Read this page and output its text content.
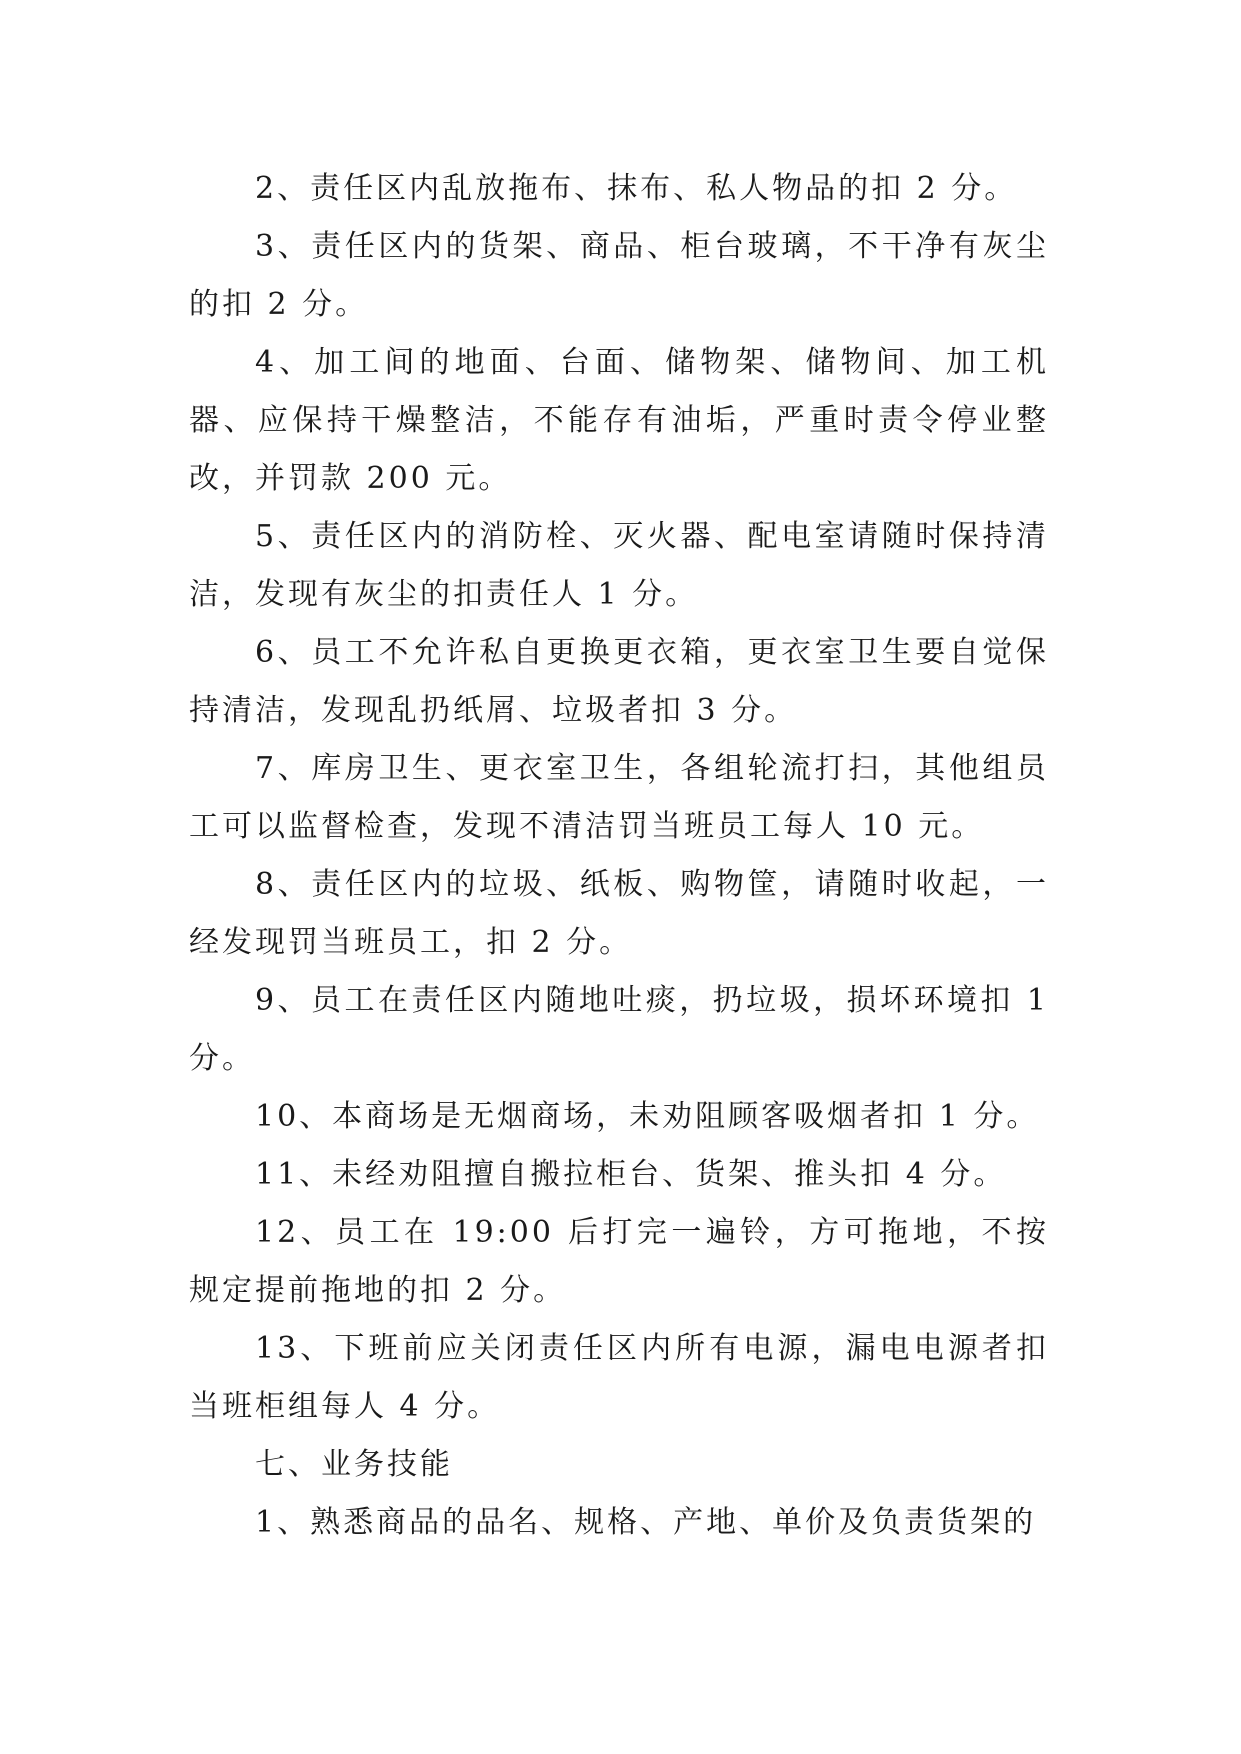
2、责任区内乱放拖布、抹布、私人物品的扣 2 分。

3、责任区内的货架、商品、柜台玻璃，不干净有灰尘的扣 2 分。

4、加工间的地面、台面、储物架、储物间、加工机器、应保持干燥整洁，不能存有油垢，严重时责令停业整改，并罚款 200 元。

5、责任区内的消防栓、灭火器、配电室请随时保持清洁，发现有灰尘的扣责任人 1 分。

6、员工不允许私自更换更衣箱，更衣室卫生要自觉保持清洁，发现乱扔纸屑、垃圾者扣 3 分。

7、库房卫生、更衣室卫生，各组轮流打扫，其他组员工可以监督检查，发现不清洁罚当班员工每人 10 元。

8、责任区内的垃圾、纸板、购物筐，请随时收起，一经发现罚当班员工，扣 2 分。

9、员工在责任区内随地吐痰，扔垃圾，损坏环境扣 1 分。

10、本商场是无烟商场，未劝阻顾客吸烟者扣 1 分。

11、未经劝阻擅自搬拉柜台、货架、推头扣 4 分。

12、员工在 19:00 后打完一遍铃，方可拖地，不按规定提前拖地的扣 2 分。

13、下班前应关闭责任区内所有电源，漏电电源者扣当班柜组每人 4 分。

七、业务技能

1、熟悉商品的品名、规格、产地、单价及负责货架的
